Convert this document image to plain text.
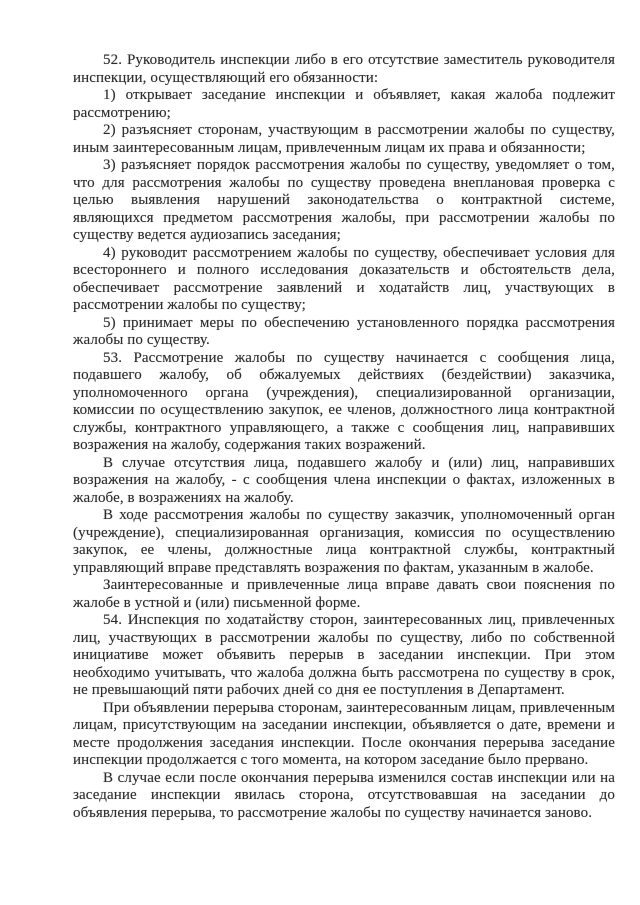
52. Руководитель инспекции либо в его отсутствие заместитель руководителя инспекции, осуществляющий его обязанности:

1) открывает заседание инспекции и объявляет, какая жалоба подлежит рассмотрению;

2) разъясняет сторонам, участвующим в рассмотрении жалобы по существу, иным заинтересованным лицам, привлеченным лицам их права и обязанности;

3) разъясняет порядок рассмотрения жалобы по существу, уведомляет о том, что для рассмотрения жалобы по существу проведена внеплановая проверка с целью выявления нарушений законодательства о контрактной системе, являющихся предметом рассмотрения жалобы, при рассмотрении жалобы по существу ведется аудиозапись заседания;

4) руководит рассмотрением жалобы по существу, обеспечивает условия для всестороннего и полного исследования доказательств и обстоятельств дела, обеспечивает рассмотрение заявлений и ходатайств лиц, участвующих в рассмотрении жалобы по существу;

5) принимает меры по обеспечению установленного порядка рассмотрения жалобы по существу.

53. Рассмотрение жалобы по существу начинается с сообщения лица, подавшего жалобу, об обжалуемых действиях (бездействии) заказчика, уполномоченного органа (учреждения), специализированной организации, комиссии по осуществлению закупок, ее членов, должностного лица контрактной службы, контрактного управляющего, а также с сообщения лиц, направивших возражения на жалобу, содержания таких возражений.

В случае отсутствия лица, подавшего жалобу и (или) лиц, направивших возражения на жалобу, - с сообщения члена инспекции о фактах, изложенных в жалобе, в возражениях на жалобу.

В ходе рассмотрения жалобы по существу заказчик, уполномоченный орган (учреждение), специализированная организация, комиссия по осуществлению закупок, ее члены, должностные лица контрактной службы, контрактный управляющий вправе представлять возражения по фактам, указанным в жалобе.

Заинтересованные и привлеченные лица вправе давать свои пояснения по жалобе в устной и (или) письменной форме.

54. Инспекция по ходатайству сторон, заинтересованных лиц, привлеченных лиц, участвующих в рассмотрении жалобы по существу, либо по собственной инициативе может объявить перерыв в заседании инспекции. При этом необходимо учитывать, что жалоба должна быть рассмотрена по существу в срок, не превышающий пяти рабочих дней со дня ее поступления в Департамент.

При объявлении перерыва сторонам, заинтересованным лицам, привлеченным лицам, присутствующим на заседании инспекции, объявляется о дате, времени и месте продолжения заседания инспекции. После окончания перерыва заседание инспекции продолжается с того момента, на котором заседание было прервано.

В случае если после окончания перерыва изменился состав инспекции или на заседание инспекции явилась сторона, отсутствовавшая на заседании до объявления перерыва, то рассмотрение жалобы по существу начинается заново.
